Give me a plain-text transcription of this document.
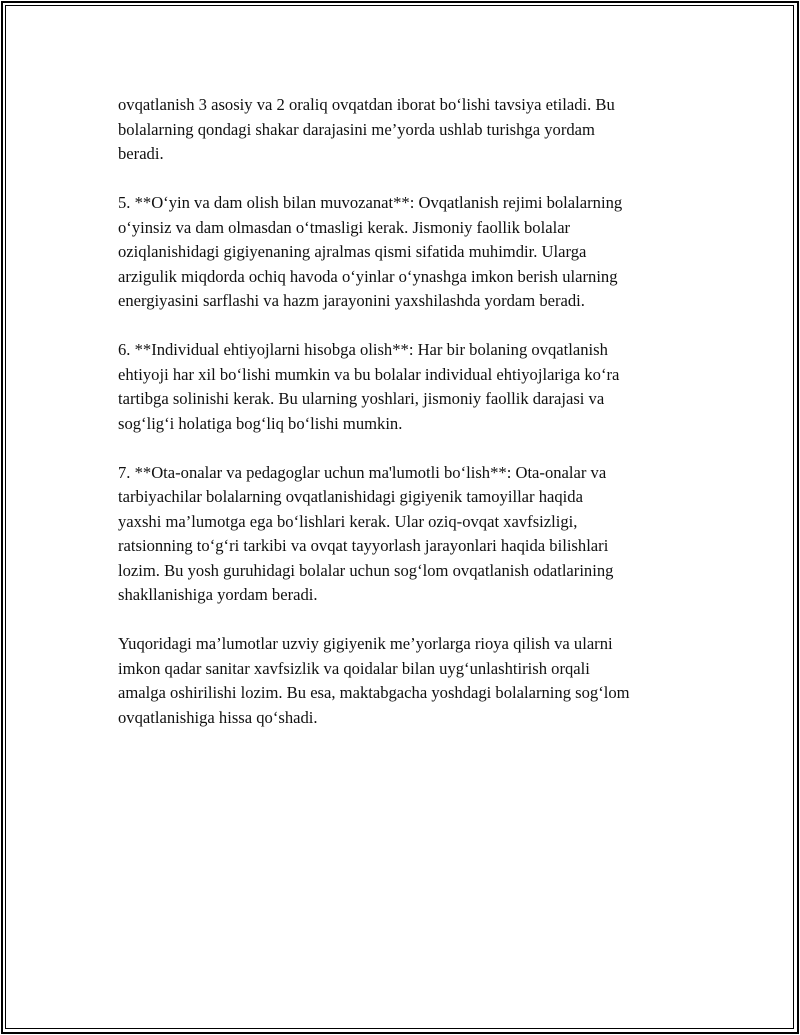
ovqatlanish 3 asosiy va 2 oraliq ovqatdan iborat bo‘lishi tavsiya etiladi. Bu
bolalarning qondagi shakar darajasini me’yorda ushlab turishga yordam
beradi.

5. **O‘yin va dam olish bilan muvozanat**: Ovqatlanish rejimi bolalarning
o‘yinsiz va dam olmasdan o‘tmasligi kerak. Jismoniy faollik bolalar
oziqlanishidagi gigiyenaning ajralmas qismi sifatida muhimdir. Ularga
arzigulik miqdorda ochiq havoda o‘yinlar o‘ynashga imkon berish ularning
energiyasini sarflashi va hazm jarayonini yaxshilashda yordam beradi.

6. **Individual ehtiyojlarni hisobga olish**: Har bir bolaning ovqatlanish
ehtiyoji har xil bo‘lishi mumkin va bu bolalar individual ehtiyojlariga ko‘ra
tartibga solinishi kerak. Bu ularning yoshlari, jismoniy faollik darajasi va
sog‘lig‘i holatiga bog‘liq bo‘lishi mumkin.

7. **Ota-onalar va pedagoglar uchun ma'lumotli bo‘lish**: Ota-onalar va
tarbiyachilar bolalarning ovqatlanishidagi gigiyenik tamoyillar haqida
yaxshi ma’lumotga ega bo‘lishlari kerak. Ular oziq-ovqat xavfsizligi,
ratsionning to‘g‘ri tarkibi va ovqat tayyorlash jarayonlari haqida bilishlari
lozim. Bu yosh guruhidagi bolalar uchun sog‘lom ovqatlanish odatlarining
shakllanishiga yordam beradi.

Yuqoridagi ma’lumotlar uzviy gigiyenik me’yorlarga rioya qilish va ularni
imkon qadar sanitar xavfsizlik va qoidalar bilan uyg‘unlashtirish orqali
amalga oshirilishi lozim. Bu esa, maktabgacha yoshdagi bolalarning sog‘lom
ovqatlanishiga hissa qo‘shadi.
